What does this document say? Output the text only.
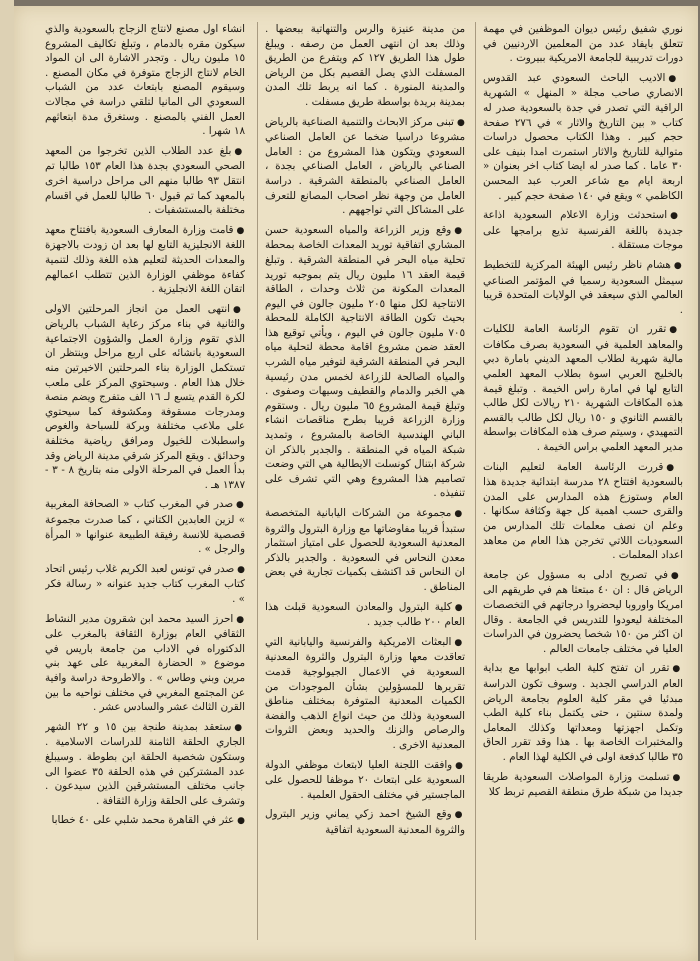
نوري شفيق رئيس ديوان الموظفين في مهمة تتعلق بايفاد عدد من المعلمين الاردنيين في دورات تدريبية للجامعة الامريكية ببيروت .

●الاديب الباحث السعودي عبد القدوس الانصاري صاحب مجلة « المنهل » الشهرية الراقية التي تصدر في جدة بالسعودية صدر له كتاب « بين التاريخ والاثار » في ٢٧٦ صفحة حجم كبير . وهذا الكتاب محصول دراسات متوالية للتاريخ والاثار استمرت امدا بنيف على ٣٠ عاما . كما صدر له ايضا كتاب اخر بعنوان « اربعة ايام مع شاعر العرب عبد المحسن الكاظمي » ويقع في ١٤٠ صفحة حجم كبير .

●استحدثت وزارة الاعلام السعودية اذاعة جديدة باللغة الفرنسية تذيع برامجها على موجات مستقلة .

●هشام ناظر رئيس الهيئة المركزية للتخطيط سيمثل السعودية رسميا في المؤتمر الصناعي العالمي الذي سيعقد في الولايات المتحدة قريبا .

●تقرر ان تقوم الرئاسة العامة للكليات والمعاهد العلمية في السعودية بصرف مكافات مالية شهرية لطلاب المعهد الديني بامارة دبي بالخليج العربي اسوة بطلاب المعهد العلمي التابع لها في امارة راس الخيمة . وتبلغ قيمة هذه المكافات الشهرية ٢١٠ ريالات لكل طالب بالقسم الثانوي و ١٥٠ ريال لكل طالب بالقسم التمهيدي ، وسيتم صرف هذه المكافات بواسطة مدير المعهد العلمي براس الخيمة .

●قررت الرئاسة العامة لتعليم البنات بالسعودية افتتاح ٢٨ مدرسة ابتدائية جديدة هذا العام وستوزع هذه المدارس على المدن والقرى حسب اهمية كل جهة وكثافة سكانها . وعلم ان نصف معلمات تلك المدارس من السعوديات اللاتي تخرجن هذا العام من معاهد اعداد المعلمات .

●في تصريح ادلى به مسؤول عن جامعة الرياض قال : ان ٤٠ مبتعثا هم في طريقهم الى امريكا واوروبا ليحضروا درجاتهم في التخصصات المختلفة ليعودوا للتدريس في الجامعة . وقال ان اكثر من ١٥٠ شخصا يحضرون في الدراسات العليا في مختلف جامعات العالم .

●تقرر ان تفتح كلية الطب ابوابها مع بداية العام الدراسي الجديد . وسوف تكون الدراسة مبدئيا في مقر كلية العلوم بجامعة الرياض ولمدة سنتين ، حتى يكتمل بناء كلية الطب وتكمل اجهزتها ومعداتها وكذلك المعامل والمختبرات الخاصة بها . هذا وقد تقرر الحاق ٣٥ طالبا كدفعة اولى في الكلية لهذا العام .

●تسلمت وزارة المواصلات السعودية طريقا جديدا من شبكة طرق منطقة القصيم تربط كلا

من مدينة عنيزة والرس والتنهاتية ببعضها . وذلك بعد ان انتهى العمل من رصفه . ويبلغ طول هذا الطريق ١٢٧ كم ويتفرع من الطريق المسفلت الذي يصل القصيم بكل من الرياض والمدينة المنورة . كما انه يربط تلك المدن بمدينة بريدة بواسطة طريق مسفلت .

●تبنى مركز الابحاث والتنمية الصناعية بالرياض مشروعا دراسيا ضخما عن العامل الصناعي السعودي ويتكون هذا المشروع من : العامل الصناعي بالرياض ، العامل الصناعي بجدة ، العامل الصناعي بالمنطقة الشرقية . دراسة العامل من وجهة نظر اصحاب المصانع للتعرف على المشاكل التي تواجههم .

●وقع وزير الزراعة والمياه السعودية حسن المشاري اتفاقية توريد المعدات الخاصة بمحطة تحلية مياه البحر في المنطقة الشرقية . وتبلغ قيمة العقد ١٦ مليون ريال يتم بموجبه توريد المعدات المكونة من ثلاث وحدات ، الطاقة الانتاجية لكل منها ٢٠٥ مليون جالون في اليوم بحيث تكون الطاقة الانتاجية الكاملة للمحطة ٧٠٥ مليون جالون في اليوم ، ويأتي توقيع هذا العقد ضمن مشروع اقامة محطة لتحلية مياه البحر في المنطقة الشرقية لتوفير مياه الشرب والمياه الصالحة للزراعة لخمس مدن رئيسية هي الخبر والدمام والقطيف وسيهات وصفوى . وتبلغ قيمة المشروع ٦٥ مليون ريال . وستقوم وزارة الزراعة قريبا بطرح مناقصات انشاء الباني الهندسية الخاصة بالمشروع ، وتمديد شبكة المياه في المنطقة . والجدير بالذكر ان شركة ابتنال كونسلت الايطالية هي التي وضعت تصاميم هذا المشروع وهي التي تشرف على تنفيذه .

●مجموعة من الشركات اليابانية المتخصصة ستبدأ قريبا مفاوضاتها مع وزارة البترول والثروة المعدنية السعودية للحصول على امتياز استثمار معدن النحاس في السعودية . والجدير بالذكر ان النحاس قد اكتشف بكميات تجارية في بعض المناطق .

●كلية البترول والمعادن السعودية قبلت هذا العام ٢٠٠ طالب جديد .

●البعثات الامريكية والفرنسية واليابانية التي تعاقدت معها وزارة البترول والثروة المعدنية السعودية في الاعمال الجيولوجية قدمت تقريرها للمسؤولين بشأن الموجودات من الكميات المعدنية المتوفرة بمختلف مناطق السعودية وذلك من حيث انواع الذهب والفضة والرصاص والزنك والحديد وبعض الثروات المعدنية الاخرى .

●وافقت اللجنة العليا لابتعاث موظفي الدولة السعودية على ابتعاث ٢٠ موظفا للحصول على الماجستير في مختلف الحقول العلمية .

●وقع الشيخ احمد زكي يماني وزير البترول والثروة المعدنية السعودية اتفاقية

انشاء اول مصنع لانتاج الزجاج بالسعودية والذي سيكون مقره بالدمام ، وتبلغ تكاليف المشروع ١٥ مليون ريال . وتجدر الاشارة الى ان المواد الخام لانتاج الزجاج متوفرة في مكان المصنع . وسيقوم المصنع بابتعاث عدد من الشباب السعودي الى المانيا لتلقي دراسة في مجالات العمل الفني بالمصنع . وستغرق مدة ابتعاثهم ١٨ شهرا .

●بلغ عدد الطلاب الذين تخرجوا من المعهد الصحي السعودي بجدة هذا العام ١٥٣ طالبا تم انتقل ٩٣ طالبا منهم الى مراحل دراسية اخرى بالمعهد كما تم قبول ٦٠ طالبا للعمل في اقسام مختلفة بالمستشفيات .

●قامت وزارة المعارف السعودية بافتتاح معهد اللغة الانجليزية التابع لها بعد ان زودت بالاجهزة والمعدات الحديثة لتعليم هذه اللغة وذلك لتنمية كفاءة موظفي الوزارة الذين تتطلب اعمالهم اتقان اللغة الانجليزية .

●انتهى العمل من انجاز المرحلتين الاولى والثانية في بناء مركز رعاية الشباب بالرياض الذي تقوم وزارة العمل والشؤون الاجتماعية السعودية بانشائه على اربع مراحل وينتظر ان تستكمل الوزارة بناء المرحلتين الاخيرتين منه خلال هذا العام . وسيحتوي المركز على ملعب لكرة القدم يتسع لـ ١٦ الف متفرج ويضم منصة ومدرجات مسقوفة ومكشوفة كما سيحتوي على ملاعب مختلفة وبركة للسباحة والغوص واسطبلات للخيول ومرافق رياضية مختلفة وحدائق . ويقع المركز شرقي مدينة الرياض وقد بدأ العمل في المرحلة الاولى منه بتاريخ ٨ - ٣ - ١٣٨٧ هـ .

●صدر في المغرب كتاب « الصحافة المغربية » لزين العابدين الكتاني ، كما صدرت مجموعة قصصية للانسة رفيقة الطبيعة عنوانها « المرأة والرجل » .

●صدر في تونس لعبد الكريم غلاب رئيس اتحاد كتاب المغرب كتاب جديد عنوانه « رسالة فكر » .

●احرز السيد محمد ابن شقرون مدير النشاط الثقافي العام بوزارة الثقافة بالمغرب على الدكتوراه في الاداب من جامعة باريس في موضوع « الحضارة المغربية على عهد بني مرين وبني وطاس » . والاطروحة دراسة وافية عن المجتمع المغربي في مختلف نواحيه ما بين القرن الثالث عشر والسادس عشر .

●ستعقد بمدينة طنجة بين ١٥ و ٢٢ الشهر الجاري الحلقة الثامنة للدراسات الاسلامية . وستكون شخصية الحلقة ابن بطوطة . وسيبلغ عدد المشتركين في هذه الحلقة ٣٥ عضوا الى جانب مختلف المستشرقين الذين سيدعون . وتشرف على الحلقة وزارة الثقافة .

●عثر في القاهرة محمد شلبي على ٤٠ خطابا
